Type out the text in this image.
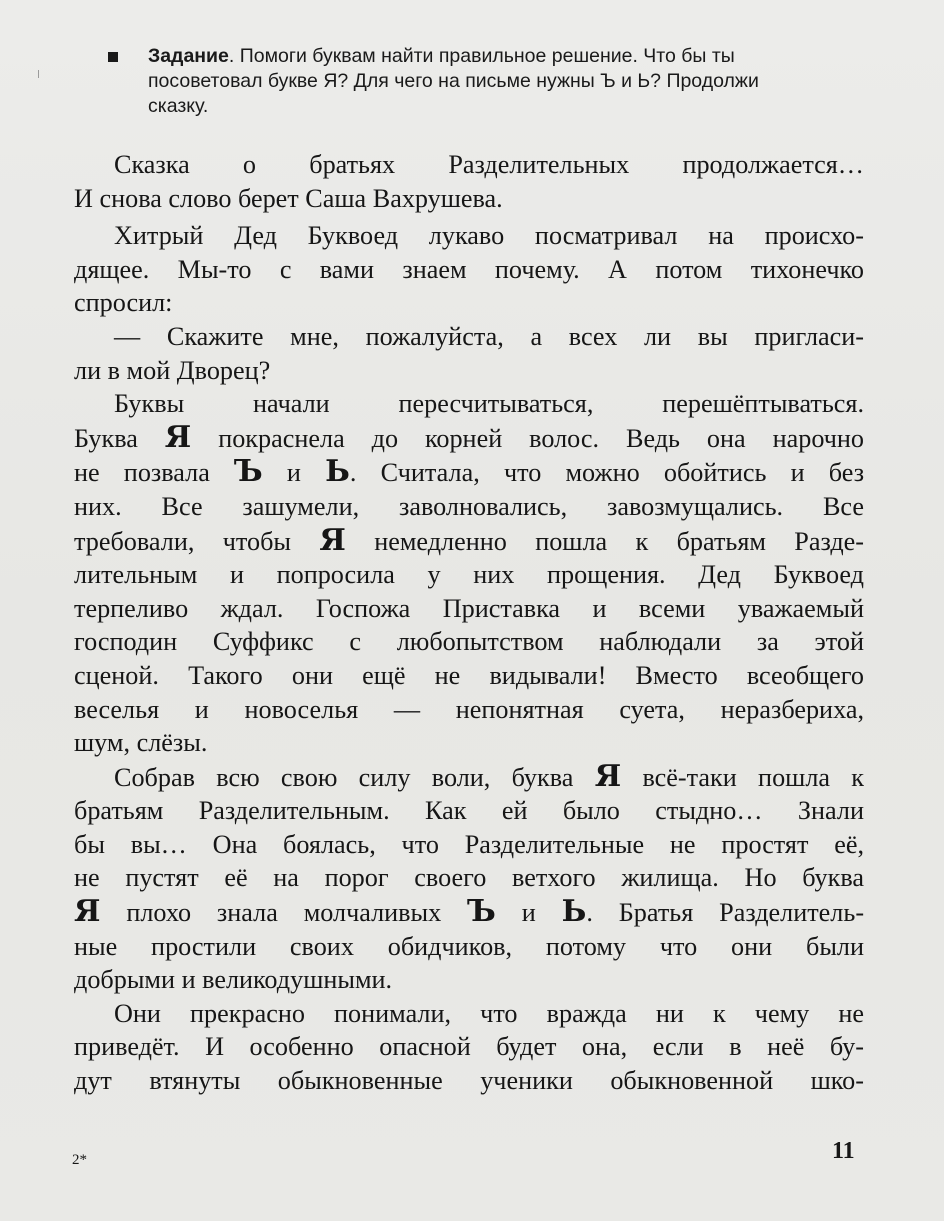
Задание. Помоги буквам найти правильное решение. Что бы ты
посоветовал букве Я? Для чего на письме нужны Ъ и Ь? Продолжи
сказку.
Сказка о братьях Разделительных продолжается…
И снова слово берет Саша Вахрушева.
Хитрый Дед Буквоед лукаво посматривал на происхо-
дящее. Мы-то с вами знаем почему. А потом тихонечко
спросил:
— Скажите мне, пожалуйста, а всех ли вы пригласи-
ли в мой Дворец?
Буквы начали пересчитываться, перешёптываться.
Буква Я покраснела до корней волос. Ведь она нарочно
не позвала Ъ и Ь. Считала, что можно обойтись и без
них. Все зашумели, заволновались, завозмущались. Все
требовали, чтобы Я немедленно пошла к братьям Разде-
лительным и попросила у них прощения. Дед Буквоед
терпеливо ждал. Госпожа Приставка и всеми уважаемый
господин Суффикс с любопытством наблюдали за этой
сценой. Такого они ещё не видывали! Вместо всеобщего
веселья и новоселья — непонятная суета, неразбериха,
шум, слёзы.
Собрав всю свою силу воли, буква Я всё-таки пошла к
братьям Разделительным. Как ей было стыдно… Знали
бы вы… Она боялась, что Разделительные не простят её,
не пустят её на порог своего ветхого жилища. Но буква
Я плохо знала молчаливых Ъ и Ь. Братья Разделитель-
ные простили своих обидчиков, потому что они были
добрыми и великодушными.
Они прекрасно понимали, что вражда ни к чему не
приведёт. И особенно опасной будет она, если в неё бу-
дут втянуты обыкновенные ученики обыкновенной шко-
2*	11
